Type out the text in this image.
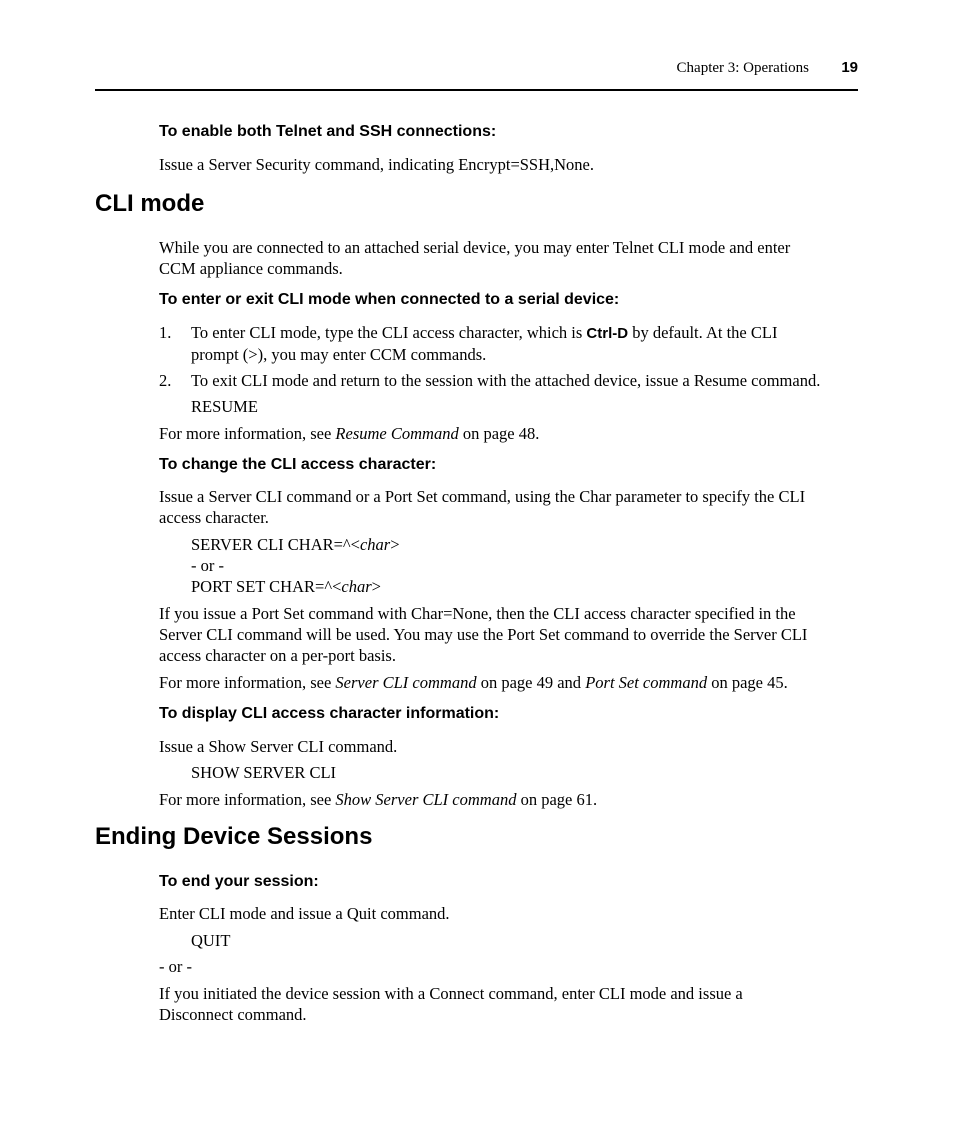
Chapter 3: Operations 19
To enable both Telnet and SSH connections:
Issue a Server Security command, indicating Encrypt=SSH,None.
CLI mode
While you are connected to an attached serial device, you may enter Telnet CLI mode and enter
CCM appliance commands.
To enter or exit CLI mode when connected to a serial device:
1. To enter CLI mode, type the CLI access character, which is Ctrl-D by default. At the CLI
prompt (>), you may enter CCM commands.
2. To exit CLI mode and return to the session with the attached device, issue a Resume command.
RESUME
For more information, see Resume Command on page 48.
To change the CLI access character:
Issue a Server CLI command or a Port Set command, using the Char parameter to specify the CLI
access character.
SERVER CLI CHAR=^<char>
- or -
PORT SET CHAR=^<char>
If you issue a Port Set command with Char=None, then the CLI access character specified in the
Server CLI command will be used. You may use the Port Set command to override the Server CLI
access character on a per-port basis.
For more information, see Server CLI command on page 49 and Port Set command on page 45.
To display CLI access character information:
Issue a Show Server CLI command.
SHOW SERVER CLI
For more information, see Show Server CLI command on page 61.
Ending Device Sessions
To end your session:
Enter CLI mode and issue a Quit command.
QUIT
- or -
If you initiated the device session with a Connect command, enter CLI mode and issue a
Disconnect command.
